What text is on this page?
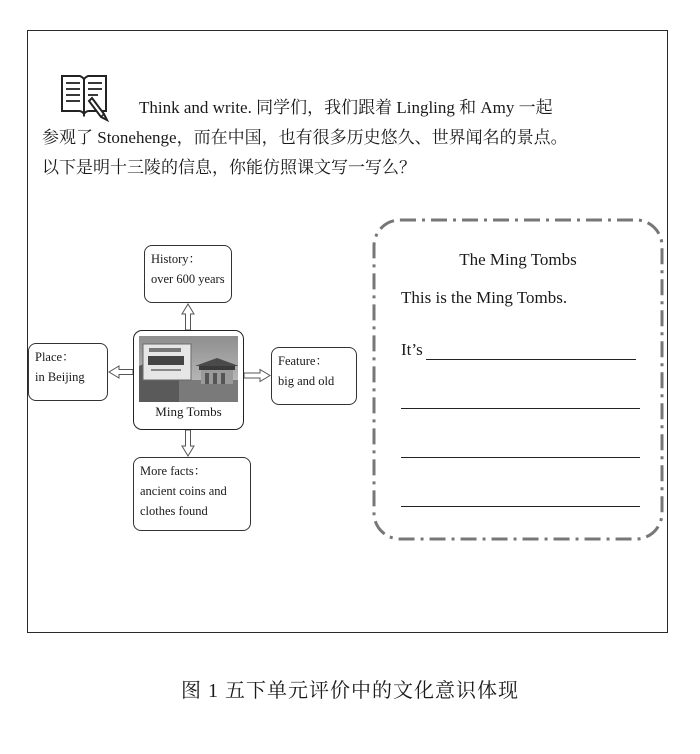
Think and write. 同学们，我们跟着 Lingling 和 Amy 一起
参观了 Stonehenge，而在中国，也有很多历史悠久、世界闻名的景点。
以下是明十三陵的信息，你能仿照课文写一写么？
History：
over 600 years
Place：
in Beijing
Feature：
big and old
More facts：
ancient coins and
clothes found
Ming Tombs
The Ming Tombs
This is the Ming Tombs.
It’s
图 1 五下单元评价中的文化意识体现
